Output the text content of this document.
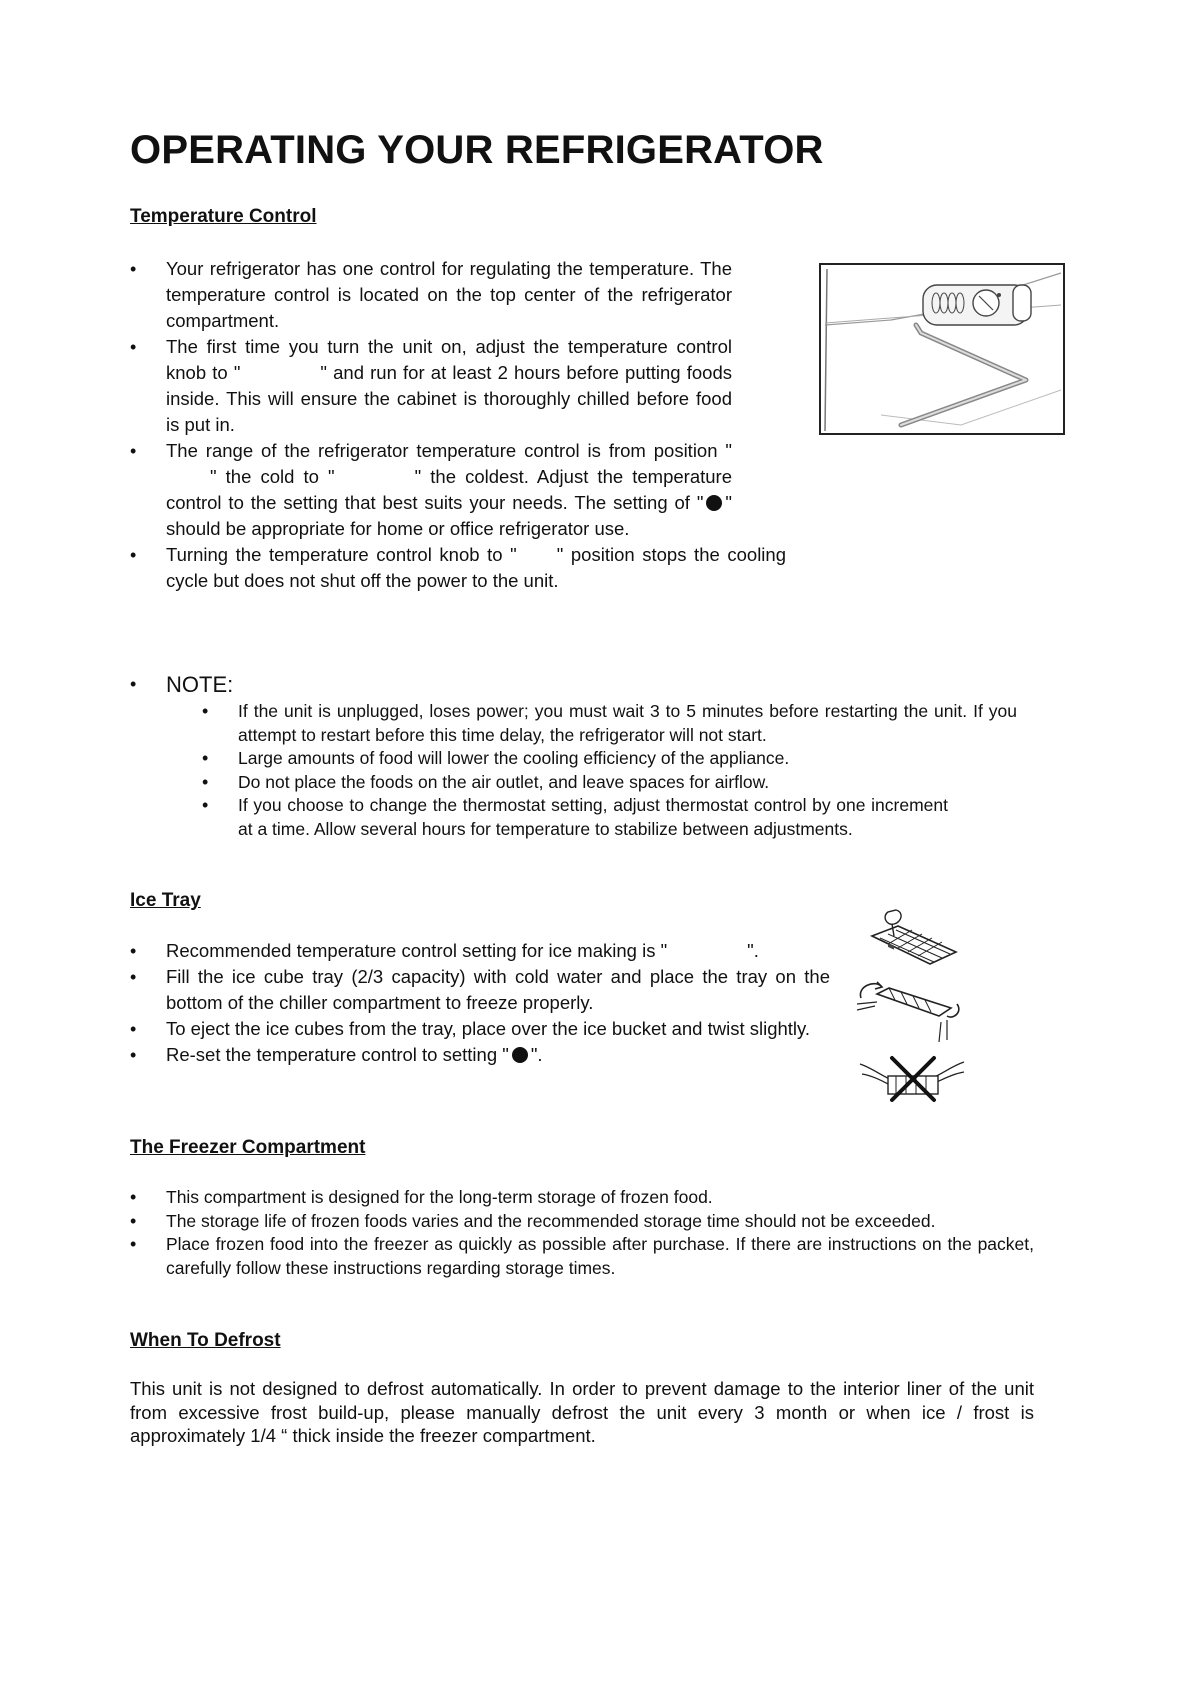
OPERATING YOUR REFRIGERATOR
Temperature Control
• Your refrigerator has one control for regulating the temperature. The temperature control is located on the top center of the refrigerator compartment.
• The first time you turn the unit on, adjust the temperature control knob to "	" and run for at least 2 hours before putting foods inside. This will ensure the cabinet is thoroughly chilled before food is put in.
• The range of the refrigerator temperature control is from position "" the cold to "	" the coldest. Adjust the temperature control to the setting that best suits your needs. The setting of " " should be appropriate for home or office refrigerator use.
• Turning the temperature control knob to " " position stops the cooling cycle but does not shut off the power to the unit.
• NOTE:
• If the unit is unplugged, loses power; you must wait 3 to 5 minutes before restarting the unit. If you attempt to restart before this time delay, the refrigerator will not start.
• Large amounts of food will lower the cooling efficiency of the appliance.
• Do not place the foods on the air outlet, and leave spaces for airflow.
• If you choose to change the thermostat setting, adjust thermostat control by one increment at a time. Allow several hours for temperature to stabilize between adjustments.
Ice Tray
• Recommended temperature control setting for ice making is "	".
• Fill the ice cube tray (2/3 capacity) with cold water and place the tray on the bottom of the chiller compartment to freeze properly.
• To eject the ice cubes from the tray, place over the ice bucket and twist slightly.
• Re-set the temperature control to setting " ".
The Freezer Compartment
• This compartment is designed for the long-term storage of frozen food.
• The storage life of frozen foods varies and the recommended storage time should not be exceeded.
• Place frozen food into the freezer as quickly as possible after purchase. If there are instructions on the packet, carefully follow these instructions regarding storage times.
When To Defrost

This unit is not designed to defrost automatically. In order to prevent damage to the interior liner of the unit from excessive frost build-up, please manually defrost the unit every 3 month or when ice / frost is approximately 1/4 “ thick inside the freezer compartment.
